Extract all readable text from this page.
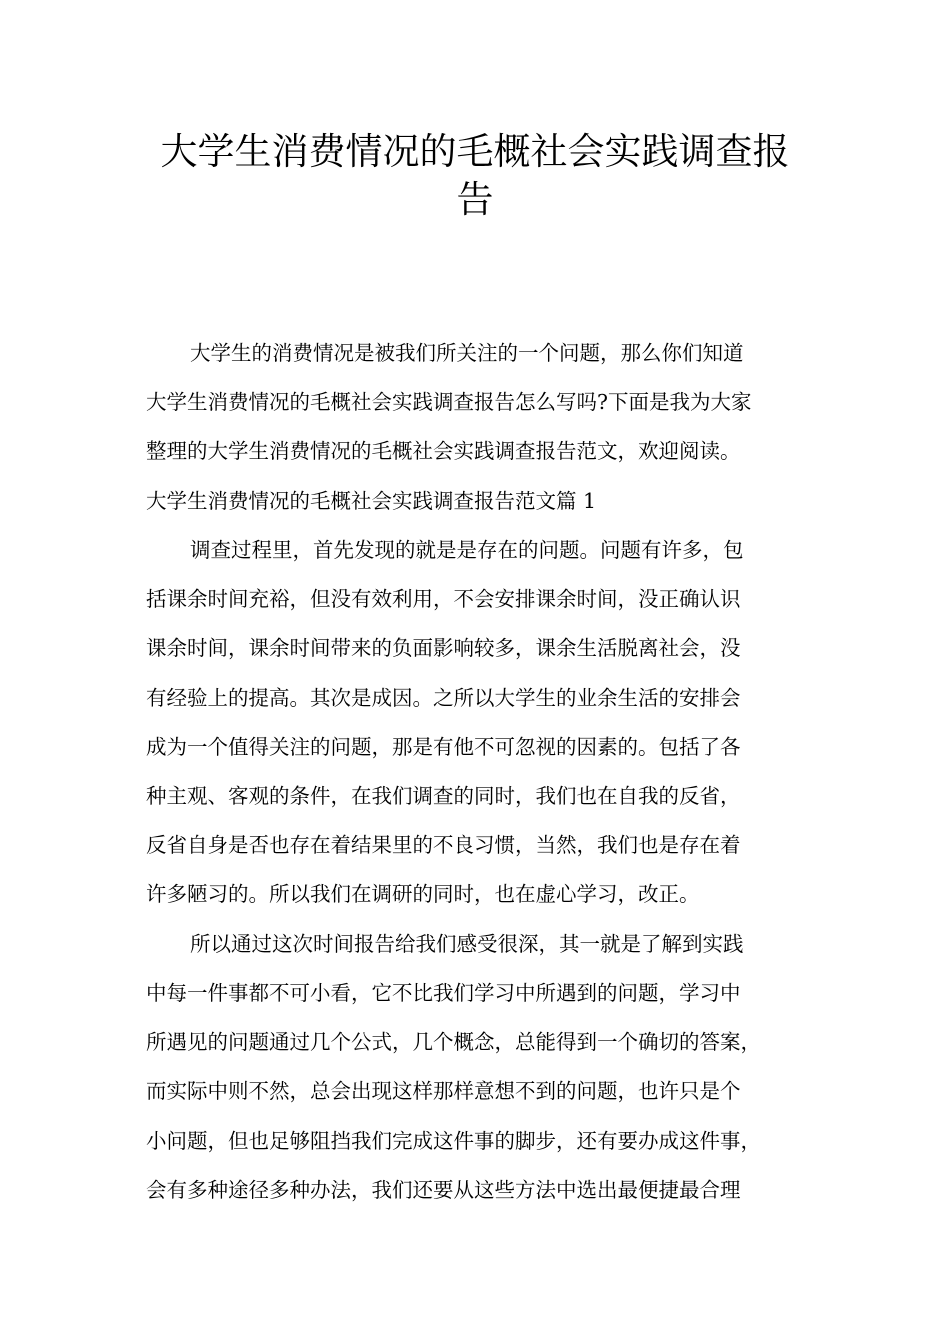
大学生消费情况的毛概社会实践调查报
告
大学生的消费情况是被我们所关注的一个问题，那么你们知道
大学生消费情况的毛概社会实践调查报告怎么写吗?下面是我为大家
整理的大学生消费情况的毛概社会实践调查报告范文，欢迎阅读。
大学生消费情况的毛概社会实践调查报告范文篇 1
调查过程里，首先发现的就是是存在的问题。问题有许多，包
括课余时间充裕，但没有效利用，不会安排课余时间，没正确认识
课余时间，课余时间带来的负面影响较多，课余生活脱离社会，没
有经验上的提高。其次是成因。之所以大学生的业余生活的安排会
成为一个值得关注的问题，那是有他不可忽视的因素的。包括了各
种主观、客观的条件，在我们调查的同时，我们也在自我的反省，
反省自身是否也存在着结果里的不良习惯，当然，我们也是存在着
许多陋习的。所以我们在调研的同时，也在虚心学习，改正。
所以通过这次时间报告给我们感受很深，其一就是了解到实践
中每一件事都不可小看，它不比我们学习中所遇到的问题，学习中
所遇见的问题通过几个公式，几个概念，总能得到一个确切的答案，
而实际中则不然，总会出现这样那样意想不到的问题，也许只是个
小问题，但也足够阻挡我们完成这件事的脚步，还有要办成这件事，
会有多种途径多种办法，我们还要从这些方法中选出最便捷最合理
